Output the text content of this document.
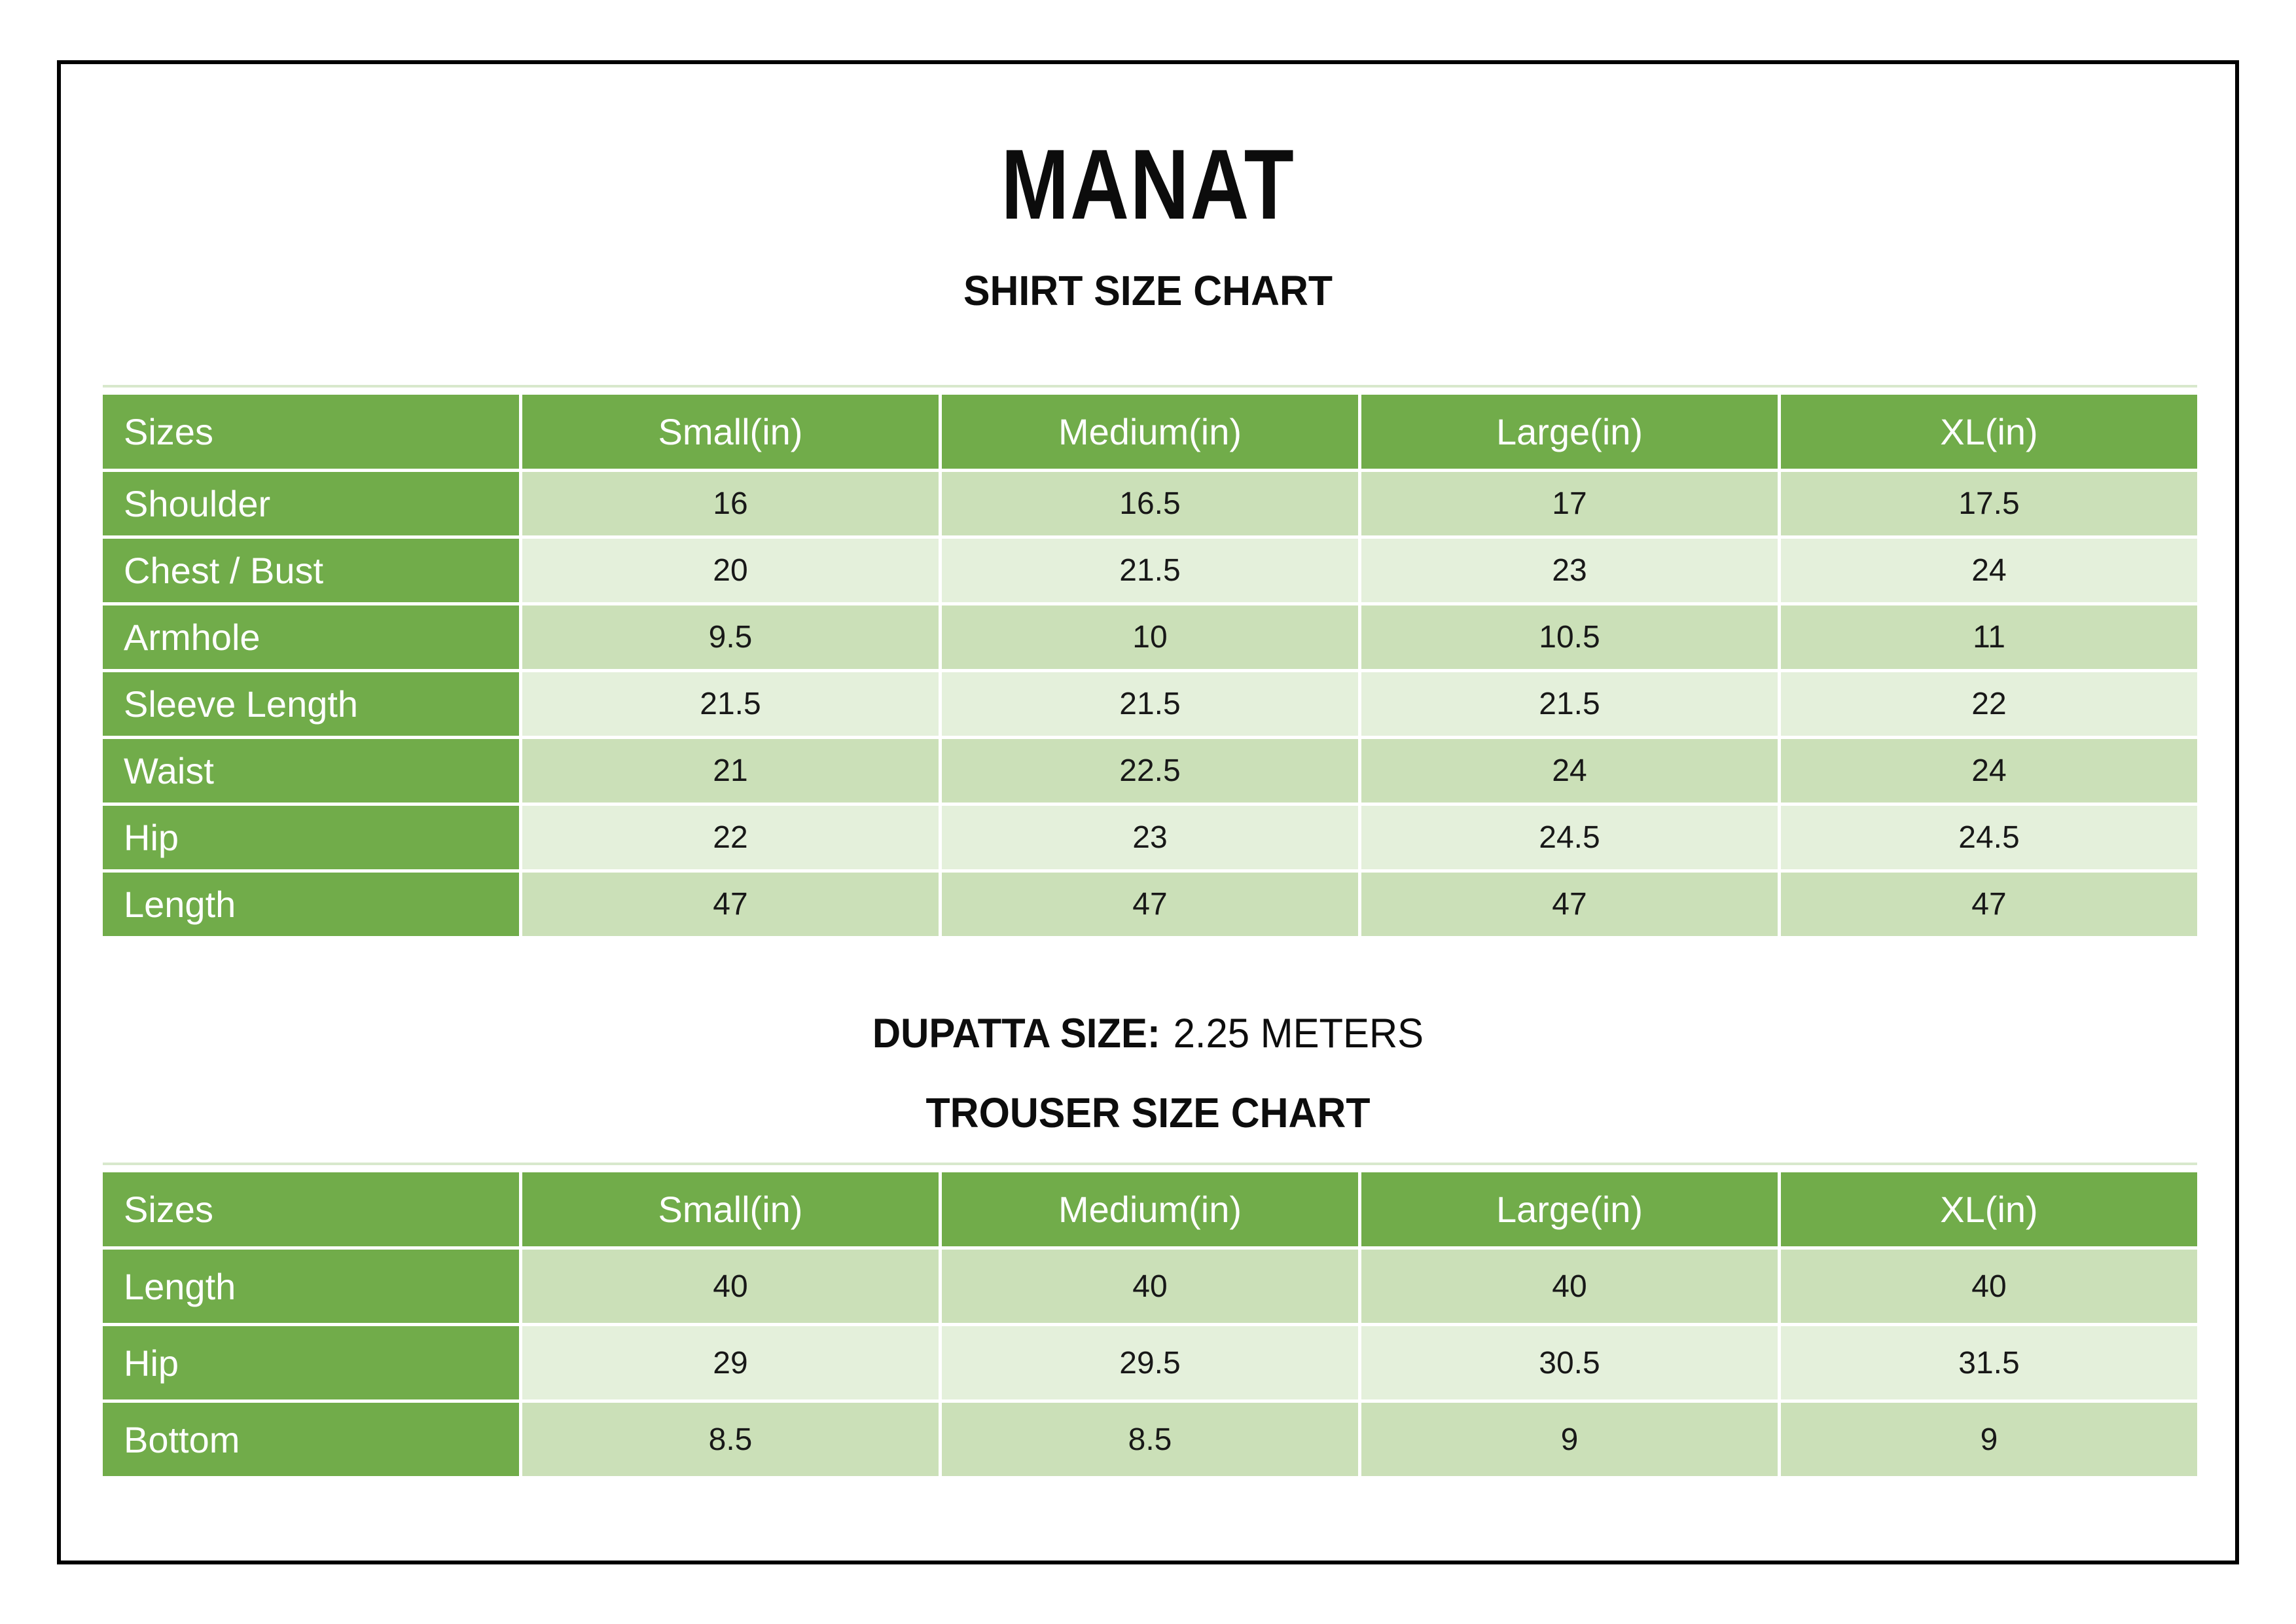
MANAT
SHIRT SIZE CHART
Sizes	Small(in)	Medium(in)	Large(in)	XL(in)
Shoulder	16	16.5	17	17.5
Chest / Bust	20	21.5	23	24
Armhole	9.5	10	10.5	11
Sleeve Length	21.5	21.5	21.5	22
Waist	21	22.5	24	24
Hip	22	23	24.5	24.5
Length	47	47	47	47
DUPATTA SIZE: 2.25 METERS
TROUSER SIZE CHART
Sizes	Small(in)	Medium(in)	Large(in)	XL(in)
Length	40	40	40	40
Hip	29	29.5	30.5	31.5
Bottom	8.5	8.5	9	9
